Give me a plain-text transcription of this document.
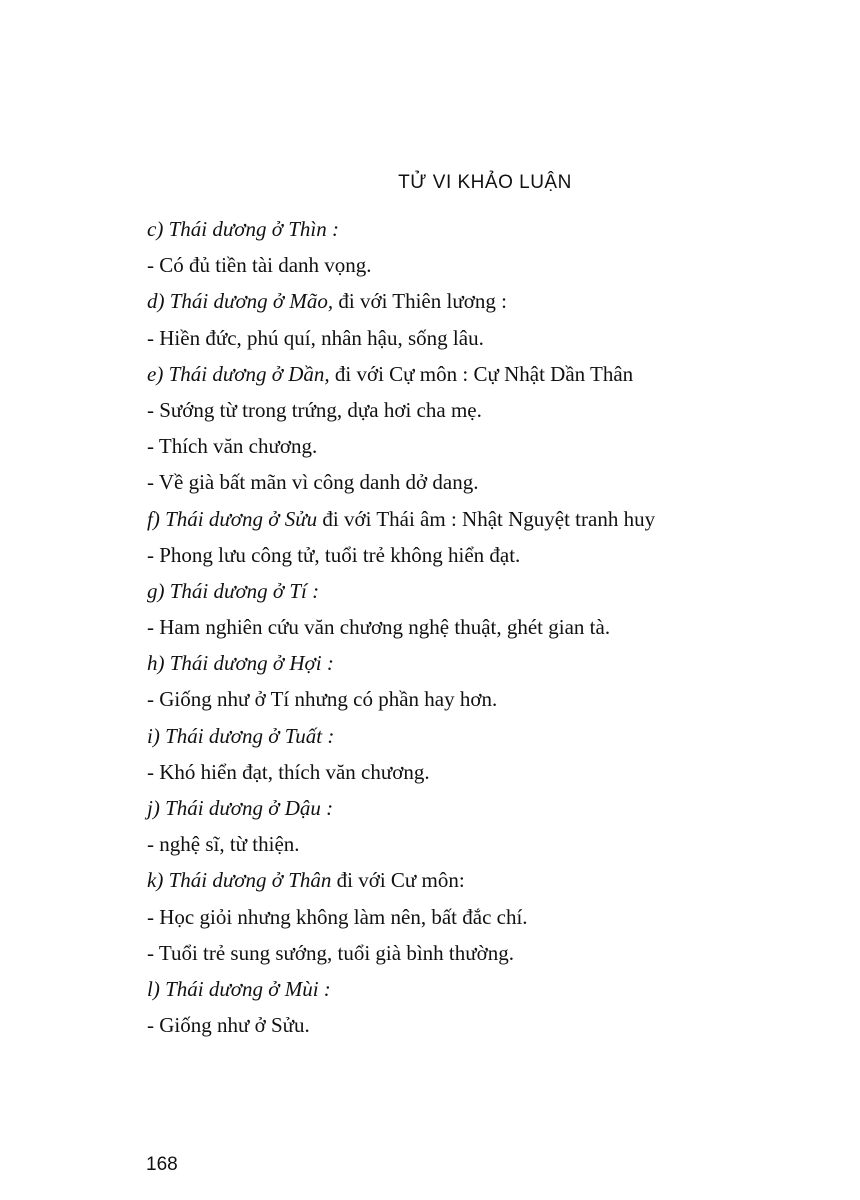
TỬ VI KHẢO LUẬN
c) Thái dương ở Thìn :
- Có đủ tiền tài danh vọng.
d) Thái dương ở Mão, đi với Thiên lương :
- Hiền đức, phú quí, nhân hậu, sống lâu.
e) Thái dương ở Dần, đi với Cự môn : Cự Nhật Dần Thân
- Sướng từ trong trứng, dựa hơi cha mẹ.
- Thích văn chương.
- Về già bất mãn vì công danh dở dang.
f) Thái dương ở Sửu đi với Thái âm : Nhật Nguyệt tranh huy
- Phong lưu công tử, tuổi trẻ không hiển đạt.
g) Thái dương ở Tí :
- Ham nghiên cứu văn chương nghệ thuật, ghét gian tà.
h) Thái dương ở Hợi :
- Giống như ở Tí nhưng có phần hay hơn.
i) Thái dương ở Tuất :
- Khó hiển đạt, thích văn chương.
j) Thái dương ở Dậu :
- nghệ sĩ, từ thiện.
k) Thái dương ở Thân đi với Cư môn:
- Học giỏi nhưng không làm nên, bất đắc chí.
- Tuổi trẻ sung sướng, tuổi già bình thường.
l) Thái dương ở Mùi :
- Giống như ở Sửu.
168
